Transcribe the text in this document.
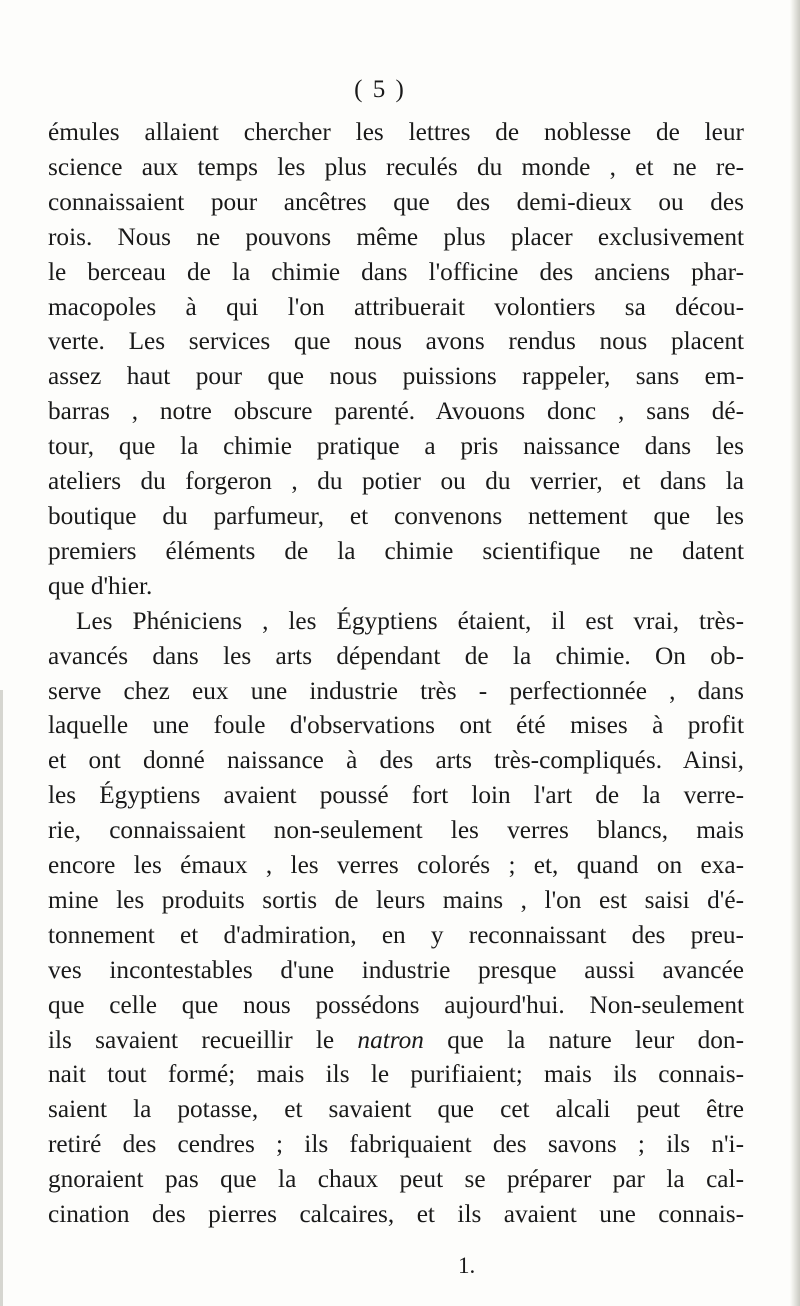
( 5 )
émules allaient chercher les lettres de noblesse de leur
science aux temps les plus reculés du monde , et ne re-
connaissaient pour ancêtres que des demi-dieux ou des
rois. Nous ne pouvons même plus placer exclusivement
le berceau de la chimie dans l'officine des anciens phar-
macopoles à qui l'on attribuerait volontiers sa décou-
verte. Les services que nous avons rendus nous placent
assez haut pour que nous puissions rappeler, sans em-
barras , notre obscure parenté. Avouons donc , sans dé-
tour, que la chimie pratique a pris naissance dans les
ateliers du forgeron , du potier ou du verrier, et dans la
boutique du parfumeur, et convenons nettement que les
premiers éléments de la chimie scientifique ne datent
que d'hier.
Les Phéniciens , les Égyptiens étaient, il est vrai, très-
avancés dans les arts dépendant de la chimie. On ob-
serve chez eux une industrie très - perfectionnée , dans
laquelle une foule d'observations ont été mises à profit
et ont donné naissance à des arts très-compliqués. Ainsi,
les Égyptiens avaient poussé fort loin l'art de la verre-
rie, connaissaient non-seulement les verres blancs, mais
encore les émaux , les verres colorés ; et, quand on exa-
mine les produits sortis de leurs mains , l'on est saisi d'é-
tonnement et d'admiration, en y reconnaissant des preu-
ves incontestables d'une industrie presque aussi avancée
que celle que nous possédons aujourd'hui. Non-seulement
ils savaient recueillir le natron que la nature leur don-
nait tout formé; mais ils le purifiaient; mais ils connais-
saient la potasse, et savaient que cet alcali peut être
retiré des cendres ; ils fabriquaient des savons ; ils n'i-
gnoraient pas que la chaux peut se préparer par la cal-
cination des pierres calcaires, et ils avaient une connais-
1.
